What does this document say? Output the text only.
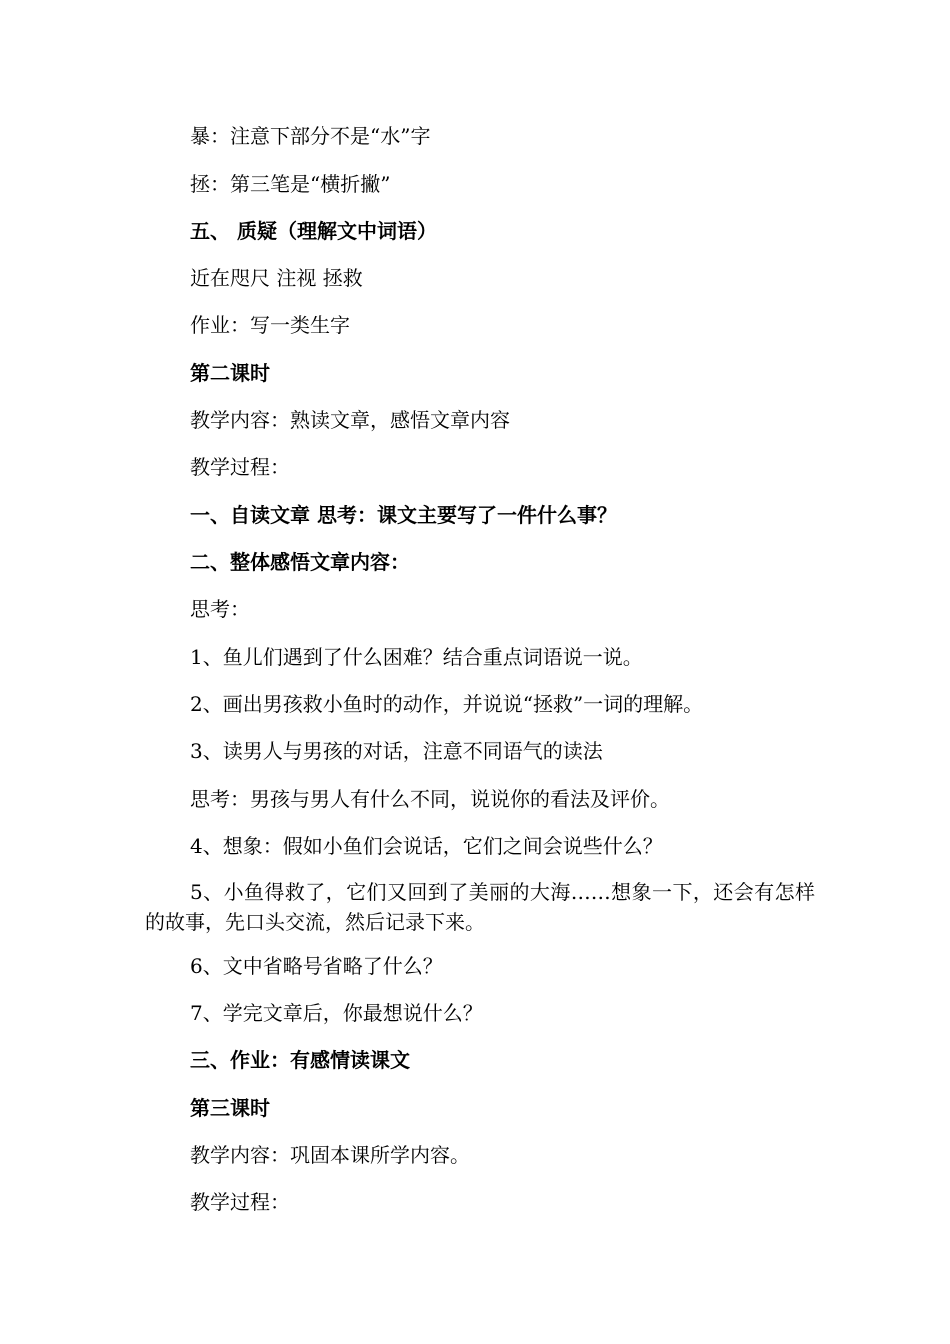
暴：注意下部分不是“水”字
拯：第三笔是“横折撇”
五、 质疑（理解文中词语）
近在咫尺 注视 拯救
作业：写一类生字
第二课时
教学内容：熟读文章，感悟文章内容
教学过程：
一、自读文章 思考：课文主要写了一件什么事？
二、整体感悟文章内容：
思考：
1、鱼儿们遇到了什么困难？结合重点词语说一说。
2、画出男孩救小鱼时的动作，并说说“拯救”一词的理解。
3、读男人与男孩的对话，注意不同语气的读法
思考：男孩与男人有什么不同，说说你的看法及评价。
4、想象：假如小鱼们会说话，它们之间会说些什么？
5、小鱼得救了，它们又回到了美丽的大海……想象一下，还会有怎样的故事，先口头交流，然后记录下来。
6、文中省略号省略了什么？
7、学完文章后，你最想说什么？
三、作业：有感情读课文
第三课时
教学内容：巩固本课所学内容。
教学过程：
